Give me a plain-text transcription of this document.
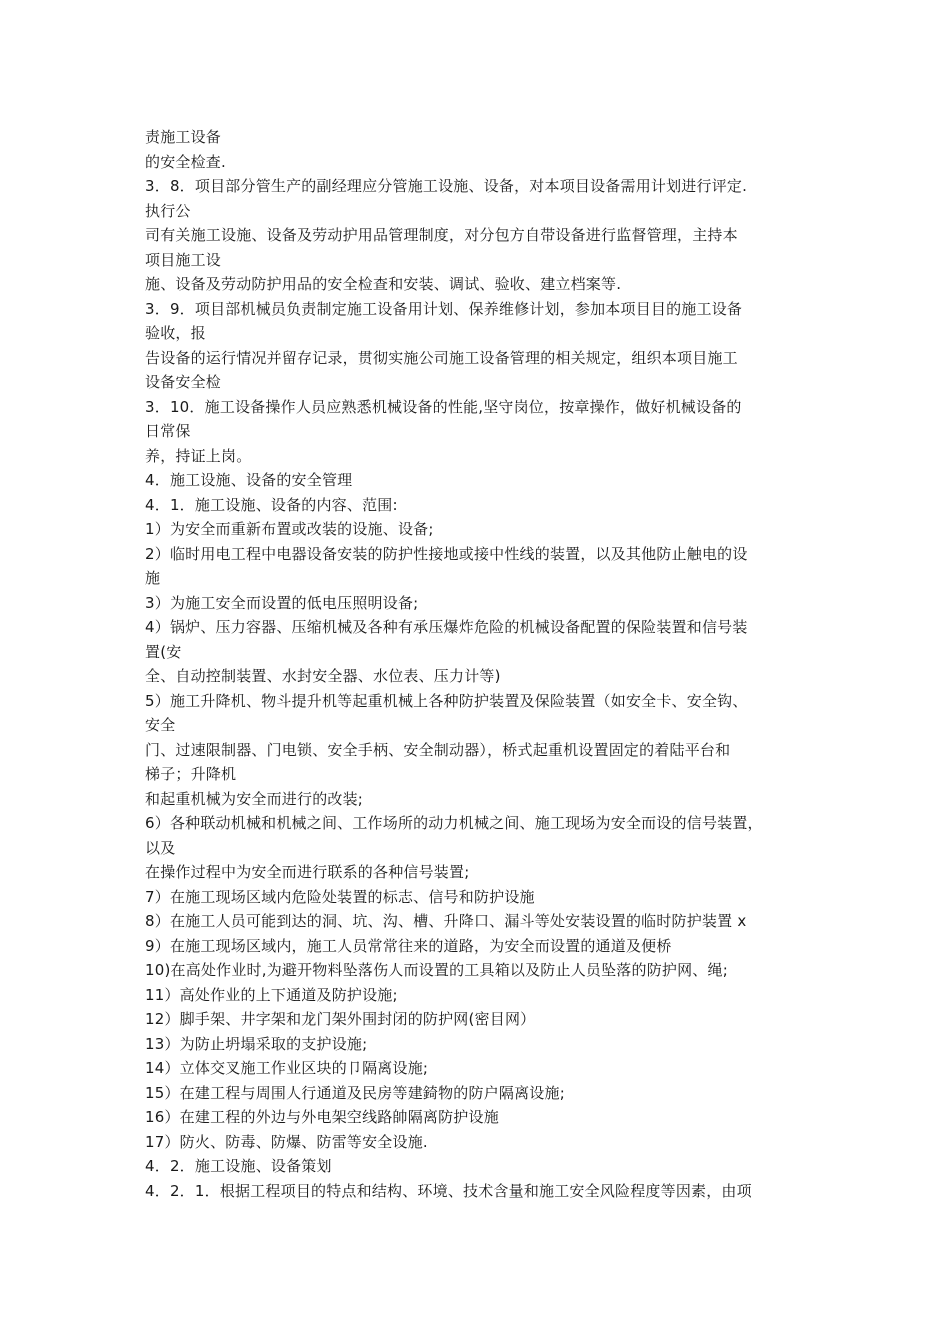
责施工设备
的安全检查.
3．8．项目部分管生产的副经理应分管施工设施、设备，对本项目设备需用计划进行评定.
执行公
司有关施工设施、设备及劳动护用品管理制度，对分包方自带设备进行监督管理，主持本
项目施工设
施、设备及劳动防护用品的安全检查和安装、调试、验收、建立档案等.
3．9．项目部机械员负责制定施工设备用计划、保养维修计划，参加本项目目的施工设备
验收，报
告设备的运行情况并留存记录，贯彻实施公司施工设备管理的相关规定，组织本项目施工
设备安全检
3．10．施工设备操作人员应熟悉机械设备的性能,坚守岗位，按章操作，做好机械设备的
日常保
养，持证上岗。
4．施工设施、设备的安全管理
4．1．施工设施、设备的内容、范围:
1）为安全而重新布置或改装的设施、设备;
2）临时用电工程中电器设备安装的防护性接地或接中性线的装置，以及其他防止触电的设
施
3）为施工安全而设置的低电压照明设备;
4）锅炉、压力容器、压缩机械及各种有承压爆炸危险的机械设备配置的保险装置和信号装
置(安
全、自动控制装置、水封安全器、水位表、压力计等)
5）施工升降机、物斗提升机等起重机械上各种防护装置及保险装置（如安全卡、安全钩、
安全
门、过速限制器、门电锁、安全手柄、安全制动器），桥式起重机设置固定的着陆平台和
梯子；升降机
和起重机械为安全而进行的改装;
6）各种联动机械和机械之间、工作场所的动力机械之间、施工现场为安全而设的信号装置，
以及
在操作过程中为安全而进行联系的各种信号装置;
7）在施工现场区域内危险处装置的标志、信号和防护设施
8）在施工人员可能到达的洞、坑、沟、槽、升降口、漏斗等处安装设置的临时防护装置 x
9）在施工现场区域内，施工人员常常往来的道路，为安全而设置的通道及便桥
10)在高处作业时,为避开物料坠落伤人而设置的工具箱以及防止人员坠落的防护网、绳;
11）高处作业的上下通道及防护设施;
12）脚手架、井字架和龙门架外围封闭的防护网(密目网）
13）为防止坍塌采取的支护设施;
14）立体交叉施工作业区块的卩隔离设施;
15）在建工程与周围人行通道及民房等建錡物的防户隔离设施;
16）在建工程的外边与外电架空线路帥隔离防护设施
17）防火、防毒、防爆、防雷等安全设施.
4．2．施工设施、设备策划
4．2．1．根据工程项目的特点和结构、环境、技术含量和施工安全风险程度等因素，由项
